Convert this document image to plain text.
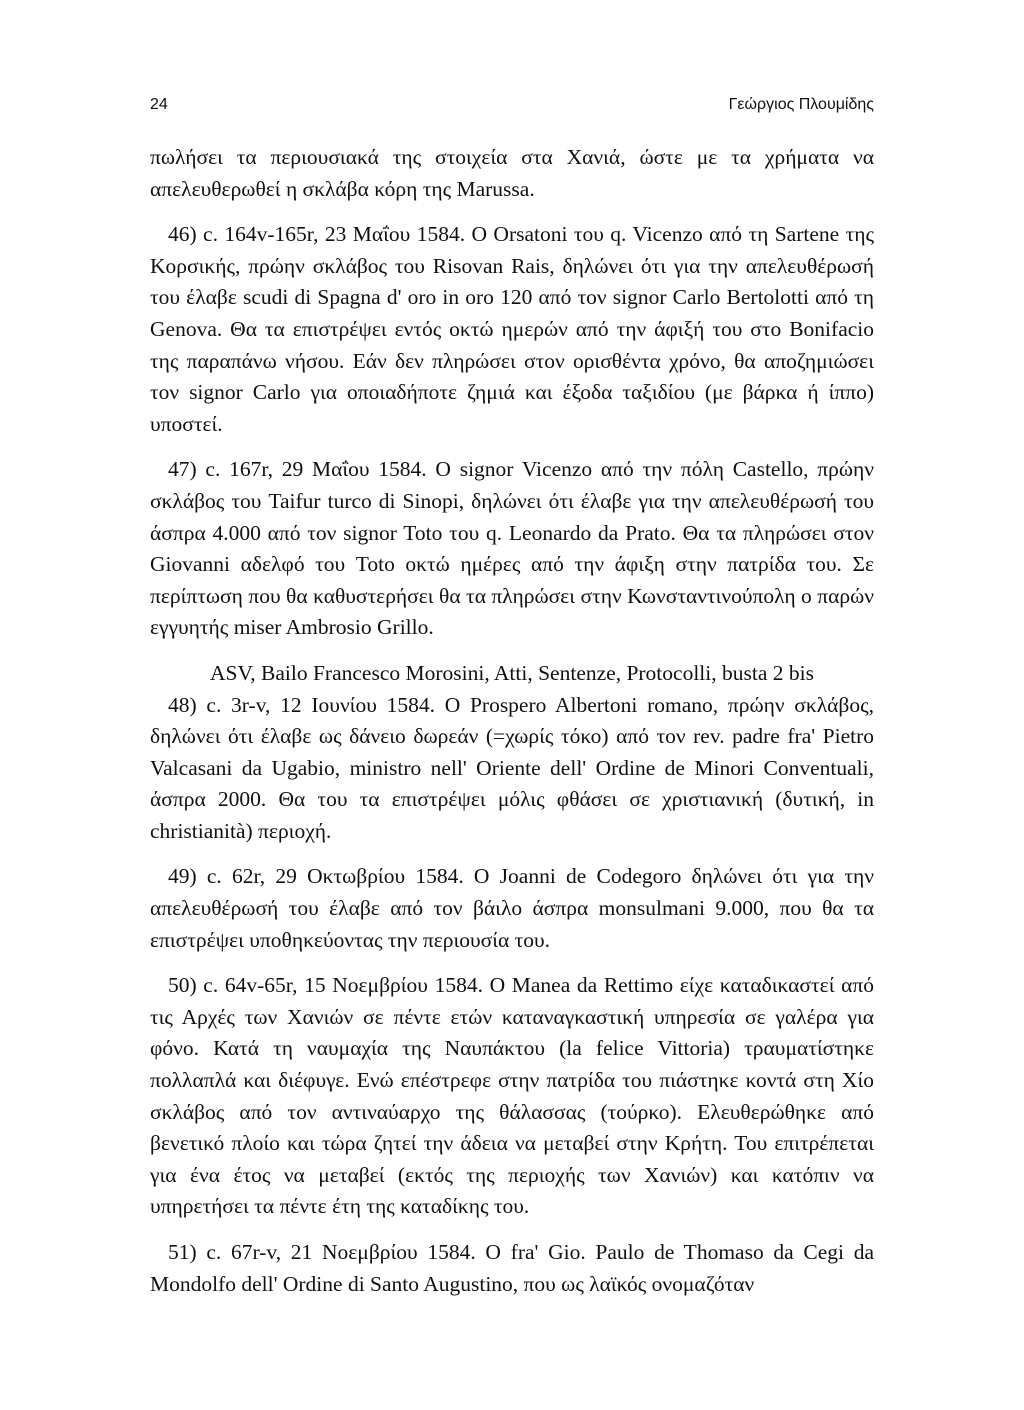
24	Γεώργιος Πλουμίδης

πωλήσει τα περιουσιακά της στοιχεία στα Χανιά, ώστε με τα χρήματα να απελευθερωθεί η σκλάβα κόρη της Marussa.

46) c. 164v-165r, 23 Μαΐου 1584. O Orsatoni του q. Vicenzo από τη Sartene της Κορσικής, πρώην σκλάβος του Risovan Rais, δηλώνει ότι για την απελευθέρωσή του έλαβε scudi di Spagna d' oro in oro 120 από τον signor Carlo Bertolotti από τη Genova. Θα τα επιστρέψει εντός οκτώ ημερών από την άφιξή του στο Bonifacio της παραπάνω νήσου. Εάν δεν πληρώσει στον ορισθέντα χρόνο, θα αποζημιώσει τον signor Carlo για οποιαδήποτε ζημιά και έξοδα ταξιδίου (με βάρκα ή ίππο) υποστεί.

47) c. 167r, 29 Μαΐου 1584. O signor Vicenzo από την πόλη Castello, πρώην σκλάβος του Taifur turco di Sinopi, δηλώνει ότι έλαβε για την απελευθέρωσή του άσπρα 4.000 από τον signor Toto του q. Leonardo da Prato. Θα τα πληρώσει στον Giovanni αδελφό του Toto οκτώ ημέρες από την άφιξη στην πατρίδα του. Σε περίπτωση που θα καθυστερήσει θα τα πληρώσει στην Κωνσταντινούπολη ο παρών εγγυητής miser Ambrosio Grillo.

ASV, Bailo Francesco Morosini, Atti, Sentenze, Protocolli, busta 2 bis

48) c. 3r-v, 12 Ιουνίου 1584. O Prospero Albertoni romano, πρώην σκλάβος, δηλώνει ότι έλαβε ως δάνειο δωρεάν (=χωρίς τόκο) από τον rev. padre fra' Pietro Valcasani da Ugabio, ministro nell' Oriente dell' Ordine de Minori Conventuali, άσπρα 2000. Θα του τα επιστρέψει μόλις φθάσει σε χριστιανική (δυτική, in christianità) περιοχή.

49) c. 62r, 29 Οκτωβρίου 1584. O Joanni de Codegoro δηλώνει ότι για την απελευθέρωσή του έλαβε από τον βάιλο άσπρα monsulmani 9.000, που θα τα επιστρέψει υποθηκεύοντας την περιουσία του.

50) c. 64v-65r, 15 Νοεμβρίου 1584. O Manea da Rettimo είχε καταδικαστεί από τις Αρχές των Χανιών σε πέντε ετών καταναγκαστική υπηρεσία σε γαλέρα για φόνο. Κατά τη ναυμαχία της Ναυπάκτου (la felice Vittoria) τραυματίστηκε πολλαπλά και διέφυγε. Ενώ επέστρεφε στην πατρίδα του πιάστηκε κοντά στη Χίο σκλάβος από τον αντιναύαρχο της θάλασσας (τούρκο). Ελευθερώθηκε από βενετικό πλοίο και τώρα ζητεί την άδεια να μεταβεί στην Κρήτη. Του επιτρέπεται για ένα έτος να μεταβεί (εκτός της περιοχής των Χανιών) και κατόπιν να υπηρετήσει τα πέντε έτη της καταδίκης του.

51) c. 67r-v, 21 Νοεμβρίου 1584. O fra' Gio. Paulo de Thomaso da Cegi da Mondolfo dell' Ordine di Santo Augustino, που ως λαϊκός ονομαζόταν
